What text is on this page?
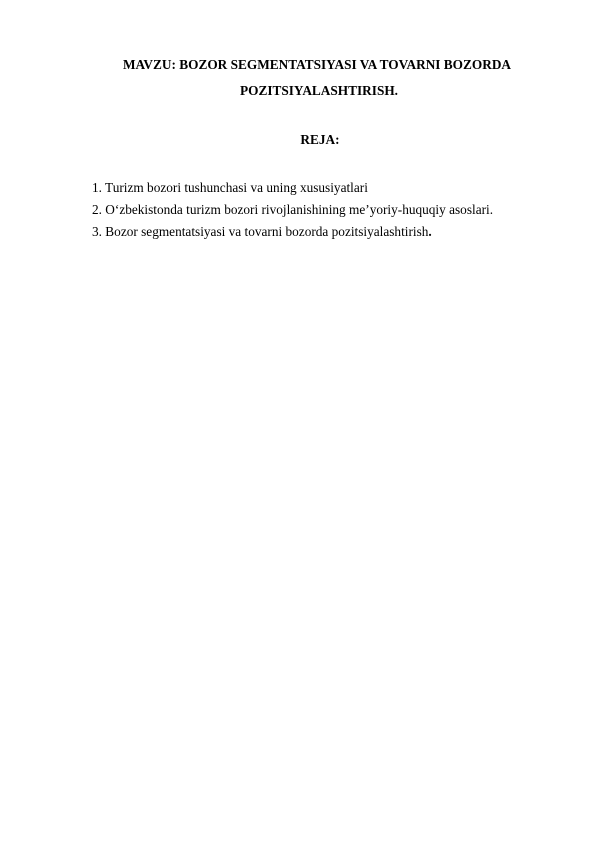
MAVZU: BOZOR SEGMENTATSIYASI VA TOVARNI BOZORDA
POZITSIYALASHTIRISH.
REJA:
1. Turizm bozori tushunchasi va uning xususiyatlari
2. O‘zbekistonda turizm bozori rivojlanishining me’yoriy-huquqiy asoslari.
3. Bozor segmentatsiyasi va tovarni bozorda pozitsiyalashtirish.
